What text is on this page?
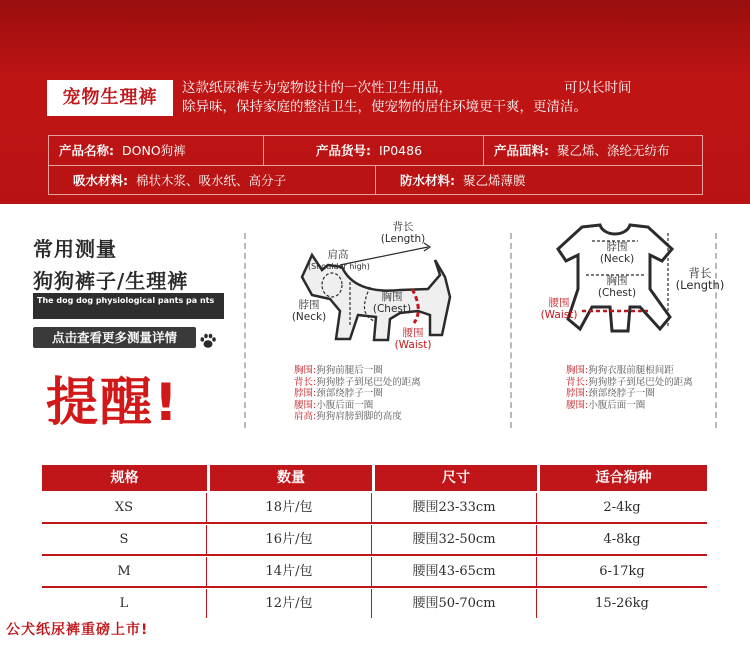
宠物生理裤	这款纸尿裤专为宠物设计的一次性卫生用品，	可以长时间
除异味，保持家庭的整洁卫生，使宠物的居住环境更干爽，更清洁。
产品名称: DONO狗裤	产品货号: IP0486	产品面料: 聚乙烯、涤纶无纺布
吸水材料: 棉状木浆、吸水纸、高分子	防水材料: 聚乙烯薄膜
常用测量
狗狗裤子/生理裤
The dog dog physiological pants pa nts
点击查看更多测量详情
提醒!
背长
(Length)
肩高
(Shoulder high)
脖围
(Neck)
胸围
(Chest)
腰围
(Waist)
胸围:狗狗前腿后一圈
背长:狗狗脖子到尾巴处的距离
脖围:颈部绕脖子一圈
腰围:小腹后面一圈
肩高:狗狗肩膀到脚的高度
脖围
(Neck)
胸围
(Chest)
背长
(Length)
腰围
(Waist)
胸围:狗狗衣服前腿根间距
背长:狗狗脖子到尾巴处的距离
脖围:颈部绕脖子一圈
腰围:小腹后面一圈
规格	数量	尺寸	适合狗种
XS	18片/包	腰围23-33cm	2-4kg
S	16片/包	腰围32-50cm	4-8kg
M	14片/包	腰围43-65cm	6-17kg
L	12片/包	腰围50-70cm	15-26kg
公犬纸尿裤重磅上市!
